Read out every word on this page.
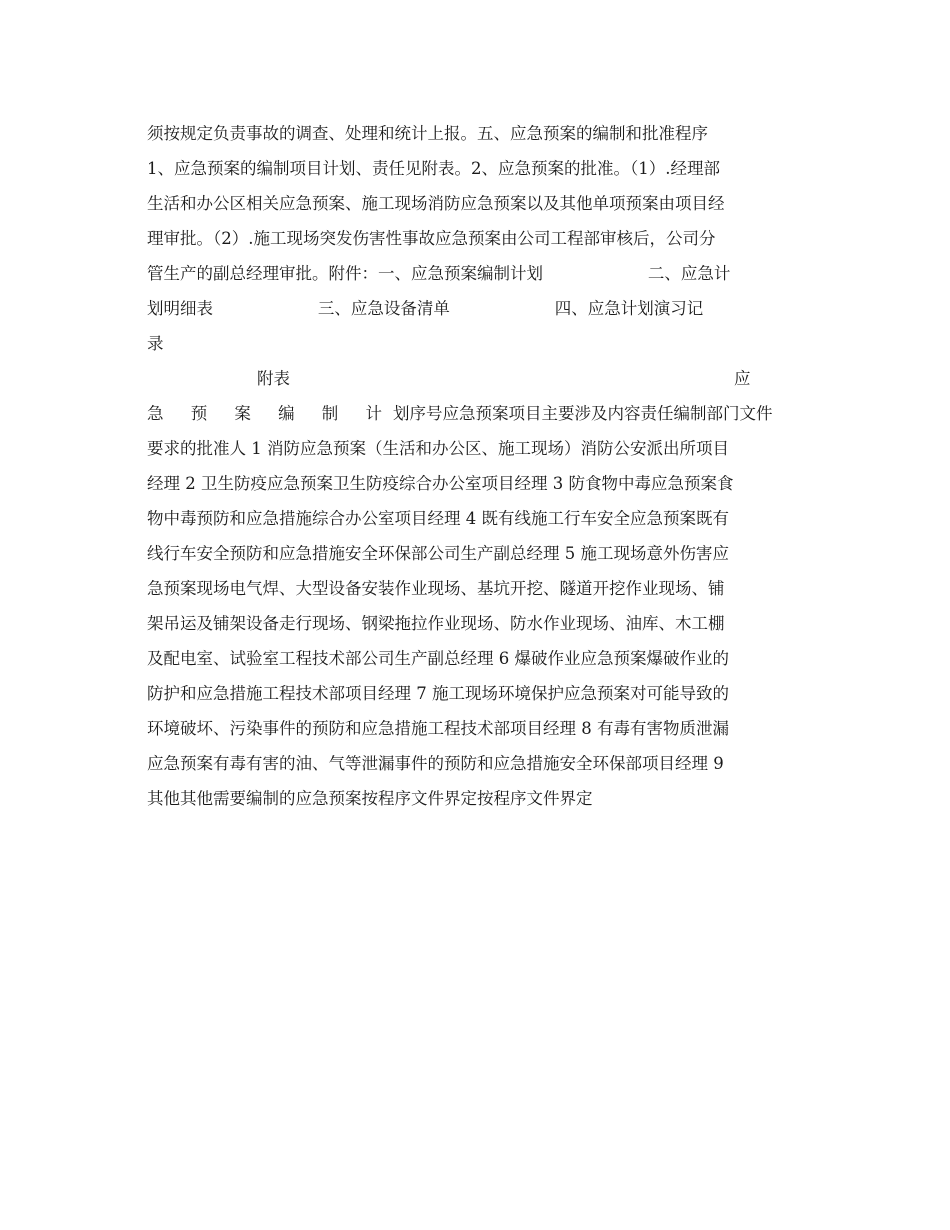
须按规定负责事故的调查、处理和统计上报。五、应急预案的编制和批准程序
1、应急预案的编制项目计划、责任见附表。2、应急预案的批准。（1）.经理部
生活和办公区相关应急预案、施工现场消防应急预案以及其他单项预案由项目经
理审批。（2）.施工现场突发伤害性事故应急预案由公司工程部审核后，公司分
管生产的副总经理审批。附件：一、应急预案编制计划                    二、应急计
划明细表                    三、应急设备清单                    四、应急计划演习记
录
附表	应
急 预 案 编 制 计 划序号应急预案项目主要涉及内容责任编制部门文件
要求的批准人 1 消防应急预案（生活和办公区、施工现场）消防公安派出所项目
经理 2 卫生防疫应急预案卫生防疫综合办公室项目经理 3 防食物中毒应急预案食
物中毒预防和应急措施综合办公室项目经理 4 既有线施工行车安全应急预案既有
线行车安全预防和应急措施安全环保部公司生产副总经理 5 施工现场意外伤害应
急预案现场电气焊、大型设备安装作业现场、基坑开挖、隧道开挖作业现场、铺
架吊运及铺架设备走行现场、钢梁拖拉作业现场、防水作业现场、油库、木工棚
及配电室、试验室工程技术部公司生产副总经理 6 爆破作业应急预案爆破作业的
防护和应急措施工程技术部项目经理 7 施工现场环境保护应急预案对可能导致的
环境破坏、污染事件的预防和应急措施工程技术部项目经理 8 有毒有害物质泄漏
应急预案有毒有害的油、气等泄漏事件的预防和应急措施安全环保部项目经理 9
其他其他需要编制的应急预案按程序文件界定按程序文件界定
